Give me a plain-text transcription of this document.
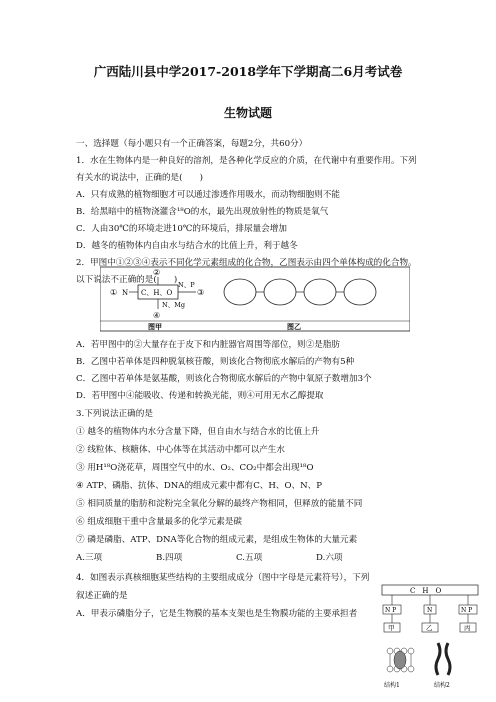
广西陆川县中学2017-2018学年下学期高二6月考试卷
生物试题
一、选择题（每小题只有一个正确答案，每题2分，共60分）
1．水在生物体内是一种良好的溶剂，是各种化学反应的介质，在代谢中有重要作用。下列
有关水的说法中，正确的是(　　)
A．只有成熟的植物细胞才可以通过渗透作用吸水，而动物细胞则不能
B．给黑暗中的植物浇灌含¹⁸O的水，最先出现放射性的物质是氧气
C．人由30℃的环境走进10℃的环境后，排尿量会增加
D．越冬的植物体内自由水与结合水的比值上升，利于越冬
2．甲图中①②③④表示不同化学元素组成的化合物，乙图表示由四个单体构成的化合物。
以下说法不正确的是(　　)
① N C、H、O
②
N、P
③
N、Mg
④
图甲	图乙
A．若甲图中的②大量存在于皮下和内脏器官周围等部位，则②是脂肪
B．乙图中若单体是四种脱氧核苷酸，则该化合物彻底水解后的产物有5种
C．乙图中若单体是氨基酸，则该化合物彻底水解后的产物中氧原子数增加3个
D．若甲图中④能吸收、传递和转换光能，则④可用无水乙醇提取
3.下列说法正确的是
① 越冬的植物体内水分含量下降，但自由水与结合水的比值上升
② 线粒体、核糖体、中心体等在其活动中都可以产生水
③ 用H¹⁸O浇花草，周围空气中的水、O₂、CO₂中都会出现¹⁸O
④ ATP、磷脂、抗体、DNA的组成元素中都有C、H、O、N、P
⑤ 相同质量的脂肪和淀粉完全氧化分解的最终产物相同，但释放的能量不同
⑥ 组成细胞干重中含量最多的化学元素是碳
⑦ 磷是磷脂、ATP、DNA等化合物的组成元素，是组成生物体的大量元素
A.三项	B.四项	C.五项	D.六项
4．如图表示真核细胞某些结构的主要组成成分（图中字母是元素符号），下列
叙述正确的是
A．甲表示磷脂分子，它是生物膜的基本支架也是生物膜功能的主要承担者
C　H　O
N P	N	N P
甲	乙	丙
结构1	结构2
